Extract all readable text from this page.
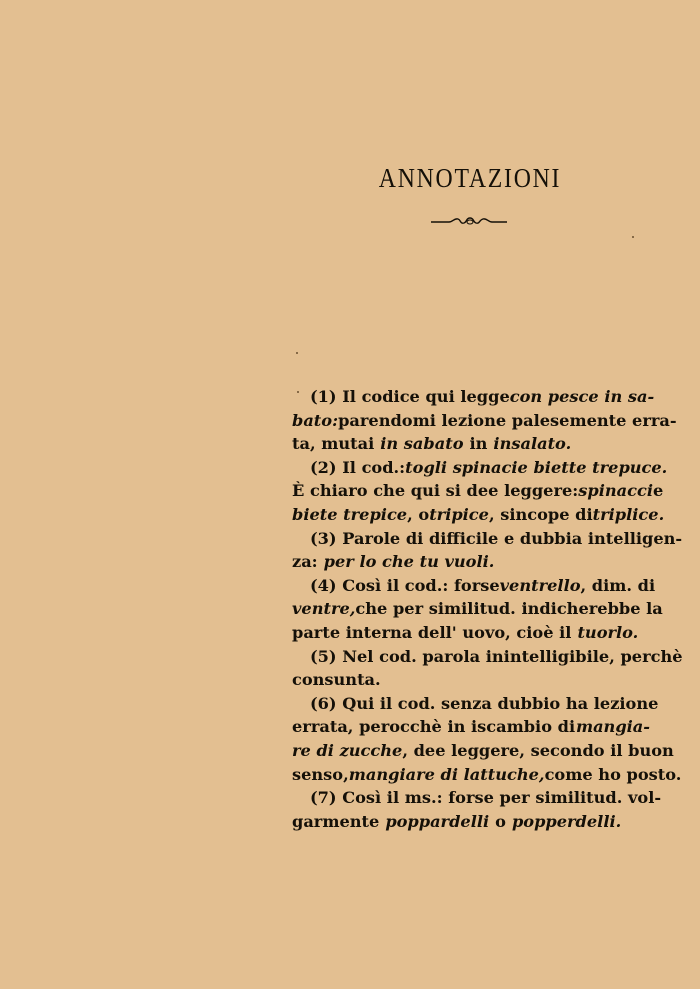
ANNOTAZIONI
(1) Il codice qui legge con pesce in sa-
bato: parendomi lezione palesemente erra-
ta, mutai in sabato in insalato.
(2) Il cod.: togli spinacie biette trepuce.
È chiaro che qui si dee leggere: spinacci e
biete trepice , o tripice , sincope di triplice.
(3) Parole di difficile e dubbia intelligen-
za: per lo che tu vuoli.
(4) Così il cod.: forse ventrello , dim. di
ventre, che per similitud. indicherebbe la
parte interna dell' uovo, cioè il tuorlo.
(5) Nel cod. parola inintelligibile, perchè
consunta.
(6) Qui il cod. senza dubbio ha lezione
errata, perocchè in iscambio di mangia-
re di zucche , dee leggere, secondo il buon
senso, mangiare di lattuche, come ho posto.
(7) Così il ms.: forse per similitud. vol-
garmente poppardelli o popperdelli.
